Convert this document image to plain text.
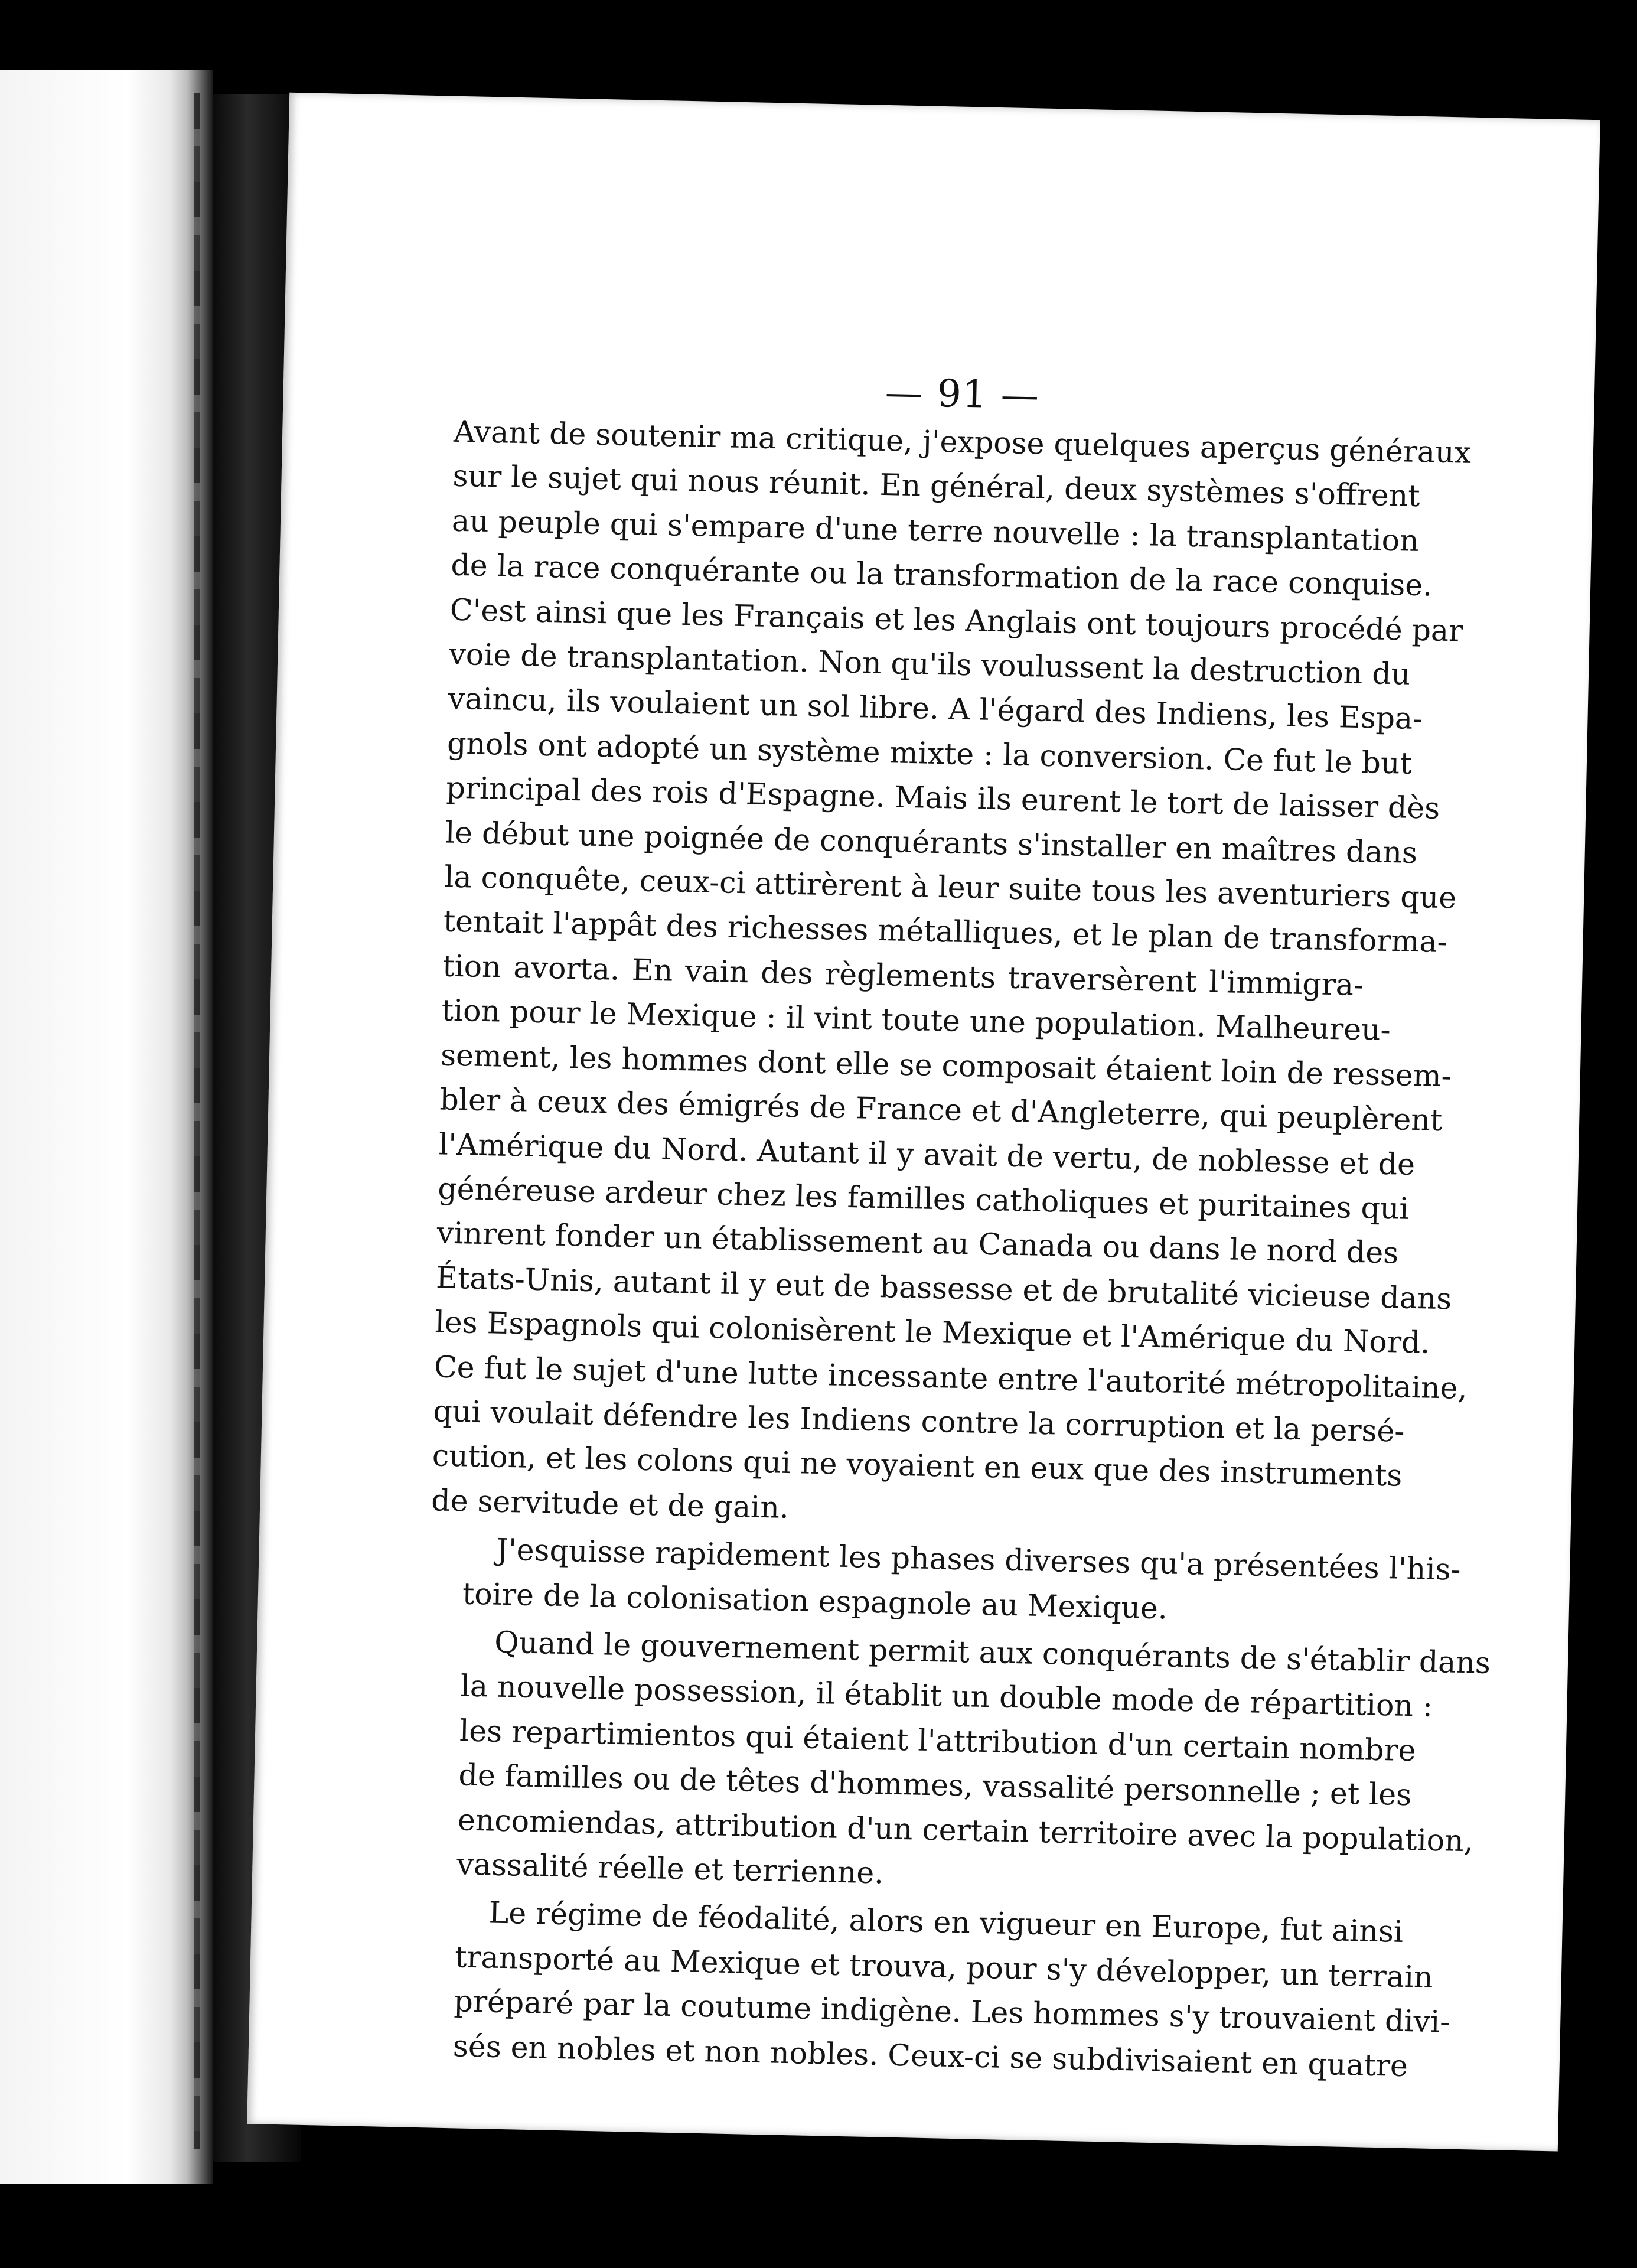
— 91 —

Avant de soutenir ma critique, j'expose quelques aperçus généraux
sur le sujet qui nous réunit. En général, deux systèmes s'offrent
au peuple qui s'empare d'une terre nouvelle : la transplantation
de la race conquérante ou la transformation de la race conquise.
C'est ainsi que les Français et les Anglais ont toujours procédé par
voie de transplantation. Non qu'ils voulussent la destruction du
vaincu, ils voulaient un sol libre. A l'égard des Indiens, les Espa-
gnols ont adopté un système mixte : la conversion. Ce fut le but
principal des rois d'Espagne. Mais ils eurent le tort de laisser dès
le début une poignée de conquérants s'installer en maîtres dans
la conquête, ceux-ci attirèrent à leur suite tous les aventuriers que
tentait l'appât des richesses métalliques, et le plan de transforma-
tion avorta. En vain des règlements traversèrent l'immigra-
tion pour le Mexique : il vint toute une population. Malheureu-
sement, les hommes dont elle se composait étaient loin de ressem-
bler à ceux des émigrés de France et d'Angleterre, qui peuplèrent
l'Amérique du Nord. Autant il y avait de vertu, de noblesse et de
généreuse ardeur chez les familles catholiques et puritaines qui
vinrent fonder un établissement au Canada ou dans le nord des
États-Unis, autant il y eut de bassesse et de brutalité vicieuse dans
les Espagnols qui colonisèrent le Mexique et l'Amérique du Nord.
Ce fut le sujet d'une lutte incessante entre l'autorité métropolitaine,
qui voulait défendre les Indiens contre la corruption et la persé-
cution, et les colons qui ne voyaient en eux que des instruments
de servitude et de gain.

J'esquisse rapidement les phases diverses qu'a présentées l'his-
toire de la colonisation espagnole au Mexique.

Quand le gouvernement permit aux conquérants de s'établir dans
la nouvelle possession, il établit un double mode de répartition :
les repartimientos qui étaient l'attribution d'un certain nombre
de familles ou de têtes d'hommes, vassalité personnelle ; et les
encomiendas, attribution d'un certain territoire avec la population,
vassalité réelle et terrienne.

Le régime de féodalité, alors en vigueur en Europe, fut ainsi
transporté au Mexique et trouva, pour s'y développer, un terrain
préparé par la coutume indigène. Les hommes s'y trouvaient divi-
sés en nobles et non nobles. Ceux-ci se subdivisaient en quatre
